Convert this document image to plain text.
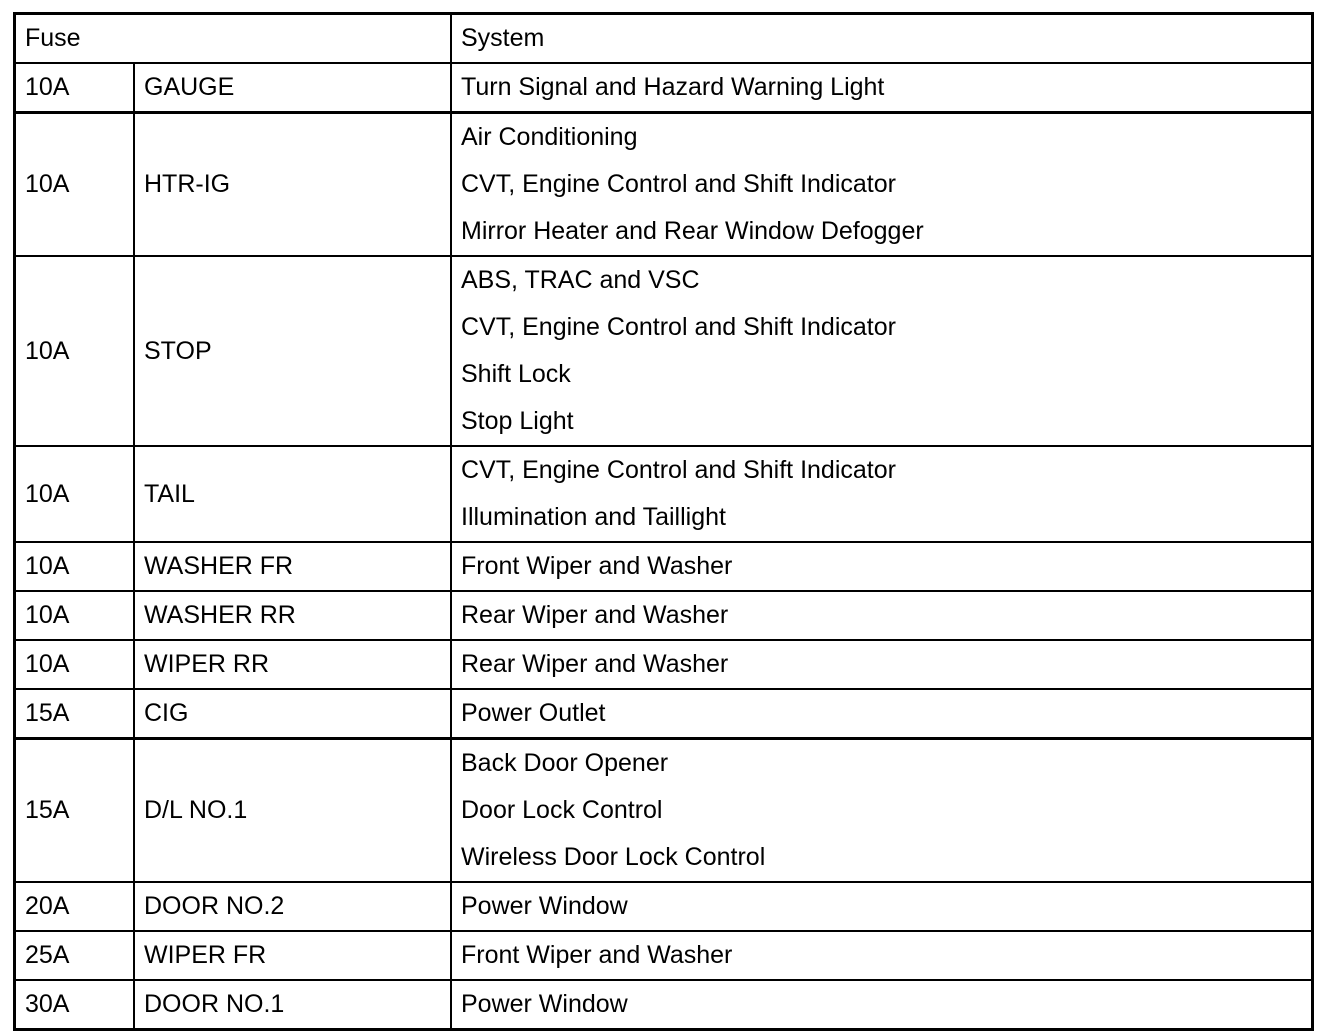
Fuse		System
10A	GAUGE	Turn Signal and Hazard Warning Light

10A	HTR-IG	Air Conditioning
CVT, Engine Control and Shift Indicator
Mirror Heater and Rear Window Defogger

10A	STOP	ABS, TRAC and VSC
CVT, Engine Control and Shift Indicator
Shift Lock
Stop Light

10A	TAIL	CVT, Engine Control and Shift Indicator
Illumination and Taillight

10A	WASHER FR	Front Wiper and Washer

10A	WASHER RR	Rear Wiper and Washer

10A	WIPER RR	Rear Wiper and Washer

15A	CIG	Power Outlet

15A	D/L NO.1	Back Door Opener
Door Lock Control
Wireless Door Lock Control

20A	DOOR NO.2	Power Window

25A	WIPER FR	Front Wiper and Washer

30A	DOOR NO.1	Power Window
